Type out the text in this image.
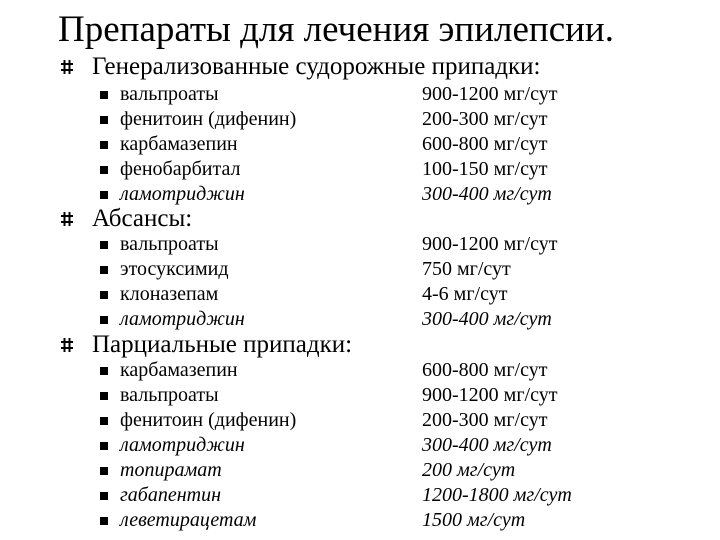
Препараты для лечения эпилепсии.
Генерализованные судорожные припадки:
вальпроаты	900-1200 мг/сут
фенитоин (дифенин)	200-300 мг/сут
карбамазепин	600-800 мг/сут
фенобарбитал	100-150 мг/сут
ламотриджин	300-400 мг/сут
Абсансы:
вальпроаты	900-1200 мг/сут
этосуксимид	750 мг/сут
клоназепам	4-6 мг/сут
ламотриджин	300-400 мг/сут
Парциальные припадки:
карбамазепин	600-800 мг/сут
вальпроаты	900-1200 мг/сут
фенитоин (дифенин)	200-300 мг/сут
ламотриджин	300-400 мг/сут
топирамат	200 мг/сут
габапентин	1200-1800 мг/сут
леветирацетам	1500 мг/сут
